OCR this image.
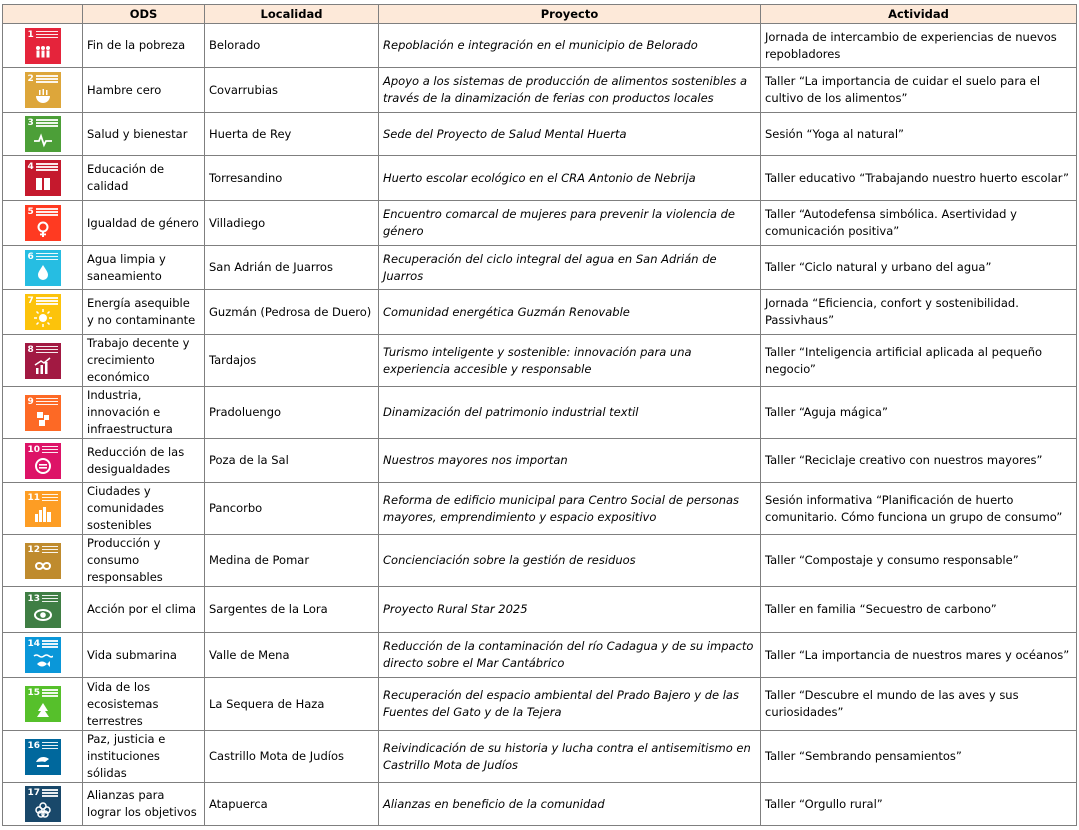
	ODS	Localidad	Proyecto	Actividad

1	Fin de la pobreza	Belorado	Repoblación e integración en el municipio de Belorado	Jornada de intercambio de experiencias de nuevos repobladores

2	Hambre cero	Covarrubias	Apoyo a los sistemas de producción de alimentos sostenibles a través de la dinamización de ferias con productos locales	Taller “La importancia de cuidar el suelo para el cultivo de los alimentos”

3	Salud y bienestar	Huerta de Rey	Sede del Proyecto de Salud Mental Huerta	Sesión “Yoga al natural”

4	Educación de calidad	Torresandino	Huerto escolar ecológico en el CRA Antonio de Nebrija	Taller educativo “Trabajando nuestro huerto escolar”

5	Igualdad de género	Villadiego	Encuentro comarcal de mujeres para prevenir la violencia de género	Taller “Autodefensa simbólica. Asertividad y comunicación positiva”

6	Agua limpia y saneamiento	San Adrián de Juarros	Recuperación del ciclo integral del agua en San Adrián de Juarros	Taller “Ciclo natural y urbano del agua”

7	Energía asequible y no contaminante	Guzmán (Pedrosa de Duero)	Comunidad energética Guzmán Renovable	Jornada “Eficiencia, confort y sostenibilidad. Passivhaus”

8	Trabajo decente y crecimiento económico	Tardajos	Turismo inteligente y sostenible: innovación para una experiencia accesible y responsable	Taller “Inteligencia artificial aplicada al pequeño negocio”

9	Industria, innovación e infraestructura	Pradoluengo	Dinamización del patrimonio industrial textil	Taller “Aguja mágica”

10	Reducción de las desigualdades	Poza de la Sal	Nuestros mayores nos importan	Taller “Reciclaje creativo con nuestros mayores”

11	Ciudades y comunidades sostenibles	Pancorbo	Reforma de edificio municipal para Centro Social de personas mayores, emprendimiento y espacio expositivo	Sesión informativa “Planificación de huerto comunitario. Cómo funciona un grupo de consumo”

12	Producción y consumo responsables	Medina de Pomar	Concienciación sobre la gestión de residuos	Taller “Compostaje y consumo responsable”

13	Acción por el clima	Sargentes de la Lora	Proyecto Rural Star 2025	Taller en familia “Secuestro de carbono”

14	Vida submarina	Valle de Mena	Reducción de la contaminación del río Cadagua y de su impacto directo sobre el Mar Cantábrico	Taller “La importancia de nuestros mares y océanos”

15	Vida de los ecosistemas terrestres	La Sequera de Haza	Recuperación del espacio ambiental del Prado Bajero y de las Fuentes del Gato y de la Tejera	Taller “Descubre el mundo de las aves y sus curiosidades”

16	Paz, justicia e instituciones sólidas	Castrillo Mota de Judíos	Reivindicación de su historia y lucha contra el antisemitismo en Castrillo Mota de Judíos	Taller “Sembrando pensamientos”

17	Alianzas para lograr los objetivos	Atapuerca	Alianzas en beneficio de la comunidad	Taller “Orgullo rural”
